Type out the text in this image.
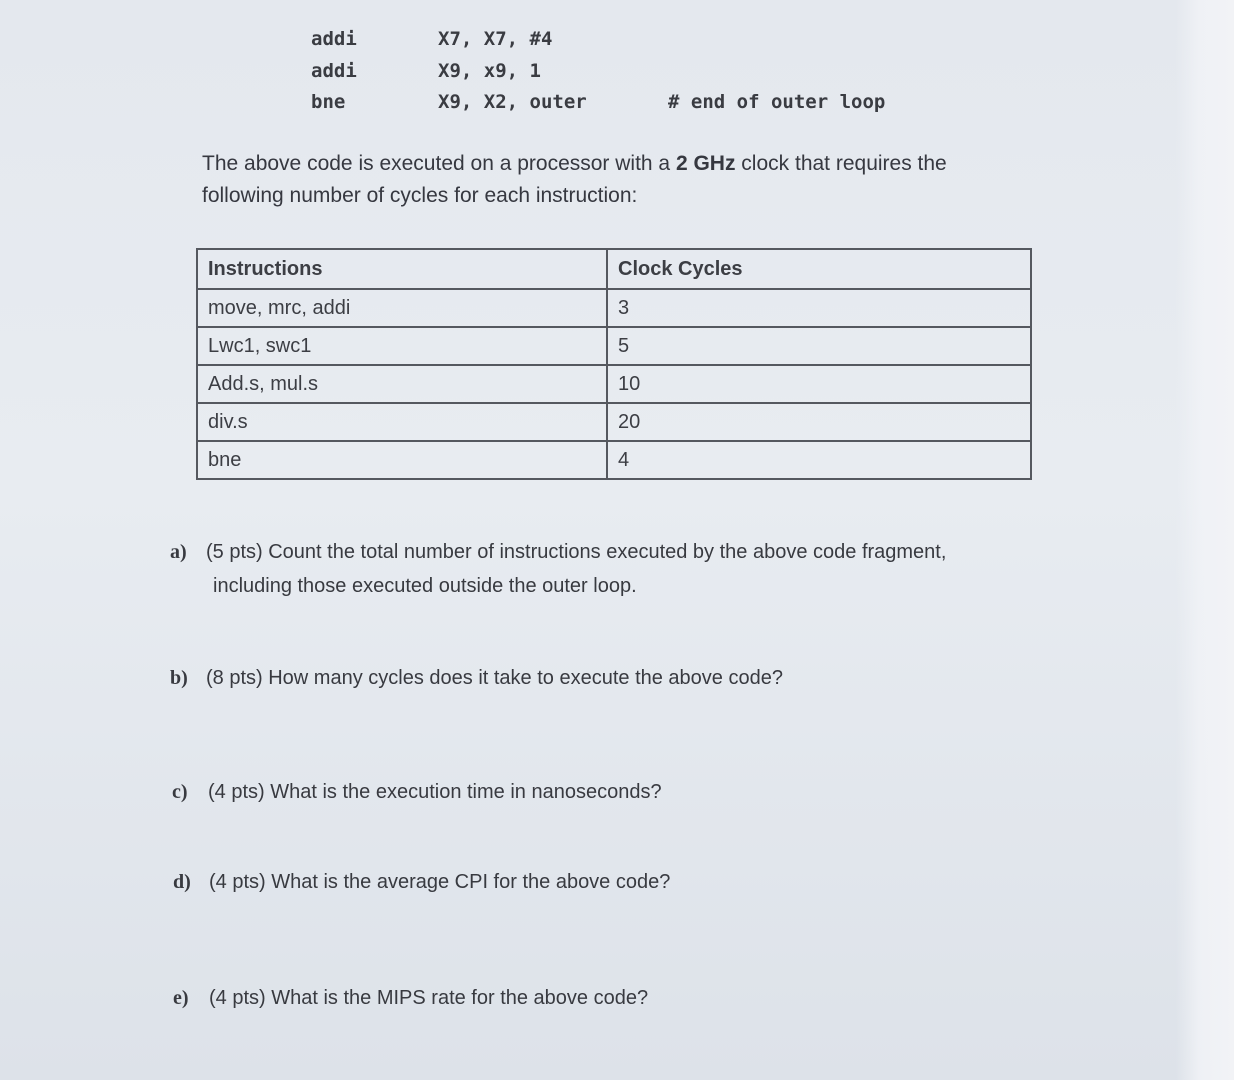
addi	X7, X7, #4
addi	X9, x9, 1
bne	X9, X2, outer	# end of outer loop
The above code is executed on a processor with a 2 GHz clock that requires the following number of cycles for each instruction:
Instructions	Clock Cycles
move, mrc, addi	3
Lwc1, swc1	5
Add.s, mul.s	10
div.s	20
bne	4
a) (5 pts) Count the total number of instructions executed by the above code fragment,
including those executed outside the outer loop.
b) (8 pts) How many cycles does it take to execute the above code?
c) (4 pts) What is the execution time in nanoseconds?
d) (4 pts) What is the average CPI for the above code?
e) (4 pts) What is the MIPS rate for the above code?
